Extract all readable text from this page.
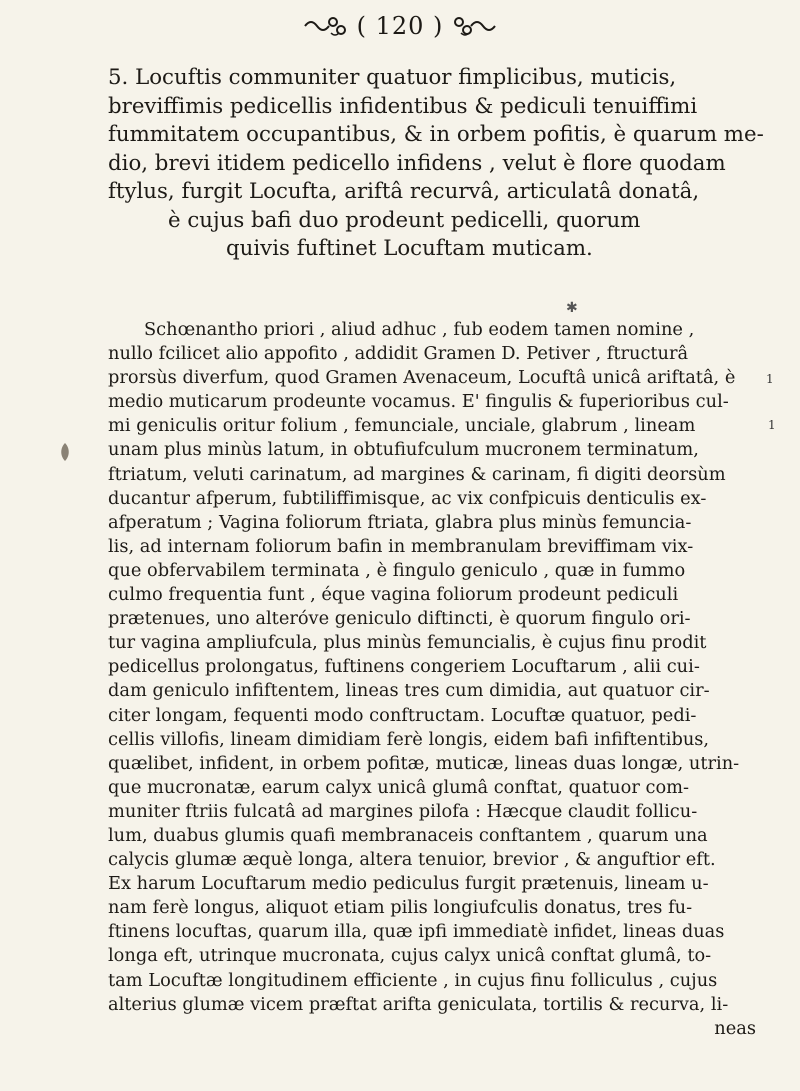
( 120 )
5. Locuftis communiter quatuor fimplicibus, muticis,
breviffimis pedicellis infidentibus & pediculi tenuiffimi
fummitatem occupantibus, & in orbem pofitis, è quarum me-
dio, brevi itidem pedicello infidens , velut è flore quodam
ftylus, furgit Locufta, ariftâ recurvâ, articulatâ donatâ,
è cujus bafi duo prodeunt pedicelli, quorum
quivis fuftinet Locuftam muticam.
✱
Schœnantho priori , aliud adhuc , fub eodem tamen nomine ,
nullo fcilicet alio appofito , addidit Gramen D. Petiver , ftructurâ
prorsùs diverfum, quod Gramen Avenaceum, Locuftâ unicâ ariftatâ, è
medio muticarum prodeunte vocamus. E' fingulis & fuperioribus cul-
mi geniculis oritur folium , femunciale, unciale, glabrum , lineam
unam plus minùs latum, in obtufiufculum mucronem terminatum,
ftriatum, veluti carinatum, ad margines & carinam, fi digiti deorsùm
ducantur afperum, fubtiliffimisque, ac vix confpicuis denticulis ex-
afperatum ; Vagina foliorum ftriata, glabra plus minùs femuncia-
lis, ad internam foliorum bafin in membranulam breviffimam vix-
que obfervabilem terminata , è fingulo geniculo , quæ in fummo
culmo frequentia funt , éque vagina foliorum prodeunt pediculi
prætenues, uno alteróve geniculo diftincti, è quorum fingulo ori-
tur vagina ampliufcula, plus minùs femuncialis, è cujus finu prodit
pedicellus prolongatus, fuftinens congeriem Locuftarum , alii cui-
dam geniculo infiftentem, lineas tres cum dimidia, aut quatuor cir-
citer longam, fequenti modo conftructam. Locuftæ quatuor, pedi-
cellis villofis, lineam dimidiam ferè longis, eidem bafi infiftentibus,
quælibet, infident, in orbem pofitæ, muticæ, lineas duas longæ, utrin-
que mucronatæ, earum calyx unicâ glumâ conftat, quatuor com-
muniter ftriis fulcatâ ad margines pilofa : Hæcque claudit follicu-
lum, duabus glumis quafi membranaceis conftantem , quarum una
calycis glumæ æquè longa, altera tenuior, brevior , & anguftior eft.
Ex harum Locuftarum medio pediculus furgit prætenuis, lineam u-
nam ferè longus, aliquot etiam pilis longiufculis donatus, tres fu-
ftinens locuftas, quarum illa, quæ ipfi immediatè infidet, lineas duas
longa eft, utrinque mucronata, cujus calyx unicâ conftat glumâ, to-
tam Locuftæ longitudinem efficiente , in cujus finu folliculus , cujus
alterius glumæ vicem præftat arifta geniculata, tortilis & recurva, li-
neas
1
1
